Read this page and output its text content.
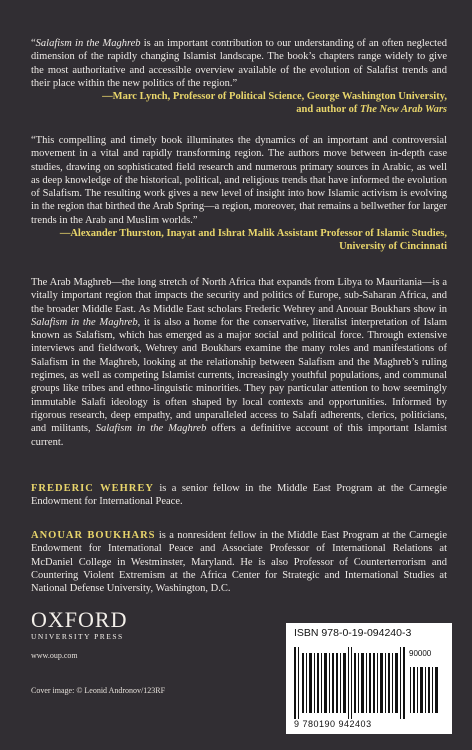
“Salafism in the Maghreb is an important contribution to our understanding of an often neglected dimension of the rapidly changing Islamist landscape. The book’s chapters range widely to give the most authoritative and accessible overview available of the evolution of Salafist trends and their place within the new politics of the region.”

—Marc Lynch, Professor of Political Science, George Washington University,

and author of The New Arab Wars

“This compelling and timely book illuminates the dynamics of an important and controversial movement in a vital and rapidly transforming region. The authors move between in-depth case studies, drawing on sophisticated field research and numerous primary sources in Arabic, as well as deep knowledge of the historical, political, and religious trends that have informed the evolution of Salafism. The resulting work gives a new level of insight into how Islamic activism is evolving in the region that birthed the Arab Spring—a region, moreover, that remains a bellwether for larger trends in the Arab and Muslim worlds.”

—Alexander Thurston, Inayat and Ishrat Malik Assistant Professor of Islamic Studies,

University of Cincinnati

The Arab Maghreb—the long stretch of North Africa that expands from Libya to Mauritania—is a vitally important region that impacts the security and politics of Europe, sub-Saharan Africa, and the broader Middle East. As Middle East scholars Frederic Wehrey and Anouar Boukhars show in Salafism in the Maghreb, it is also a home for the conservative, literalist interpretation of Islam known as Salafism, which has emerged as a major social and political force. Through extensive interviews and fieldwork, Wehrey and Boukhars examine the many roles and manifestations of Salafism in the Maghreb, looking at the relationship between Salafism and the Maghreb’s ruling regimes, as well as competing Islamist currents, increasingly youthful populations, and communal groups like tribes and ethno-linguistic minorities. They pay particular attention to how seemingly immutable Salafi ideology is often shaped by local contexts and opportunities. Informed by rigorous research, deep empathy, and unparalleled access to Salafi adherents, clerics, politicians, and militants, Salafism in the Maghreb offers a definitive account of this important Islamist current.

FREDERIC WEHREY is a senior fellow in the Middle East Program at the Carnegie Endowment for International Peace.

ANOUAR BOUKHARS is a nonresident fellow in the Middle East Program at the Carnegie Endowment for International Peace and Associate Professor of International Relations at McDaniel College in Westminster, Maryland. He is also Professor of Counterterrorism and Countering Violent Extremism at the Africa Center for Strategic and International Studies at National Defense University, Washington, D.C.

OXFORD
UNIVERSITY PRESS
www.oup.com
Cover image: © Leonid Andronov/123RF
ISBN 978-0-19-094240-3
90000
9 780190 942403
